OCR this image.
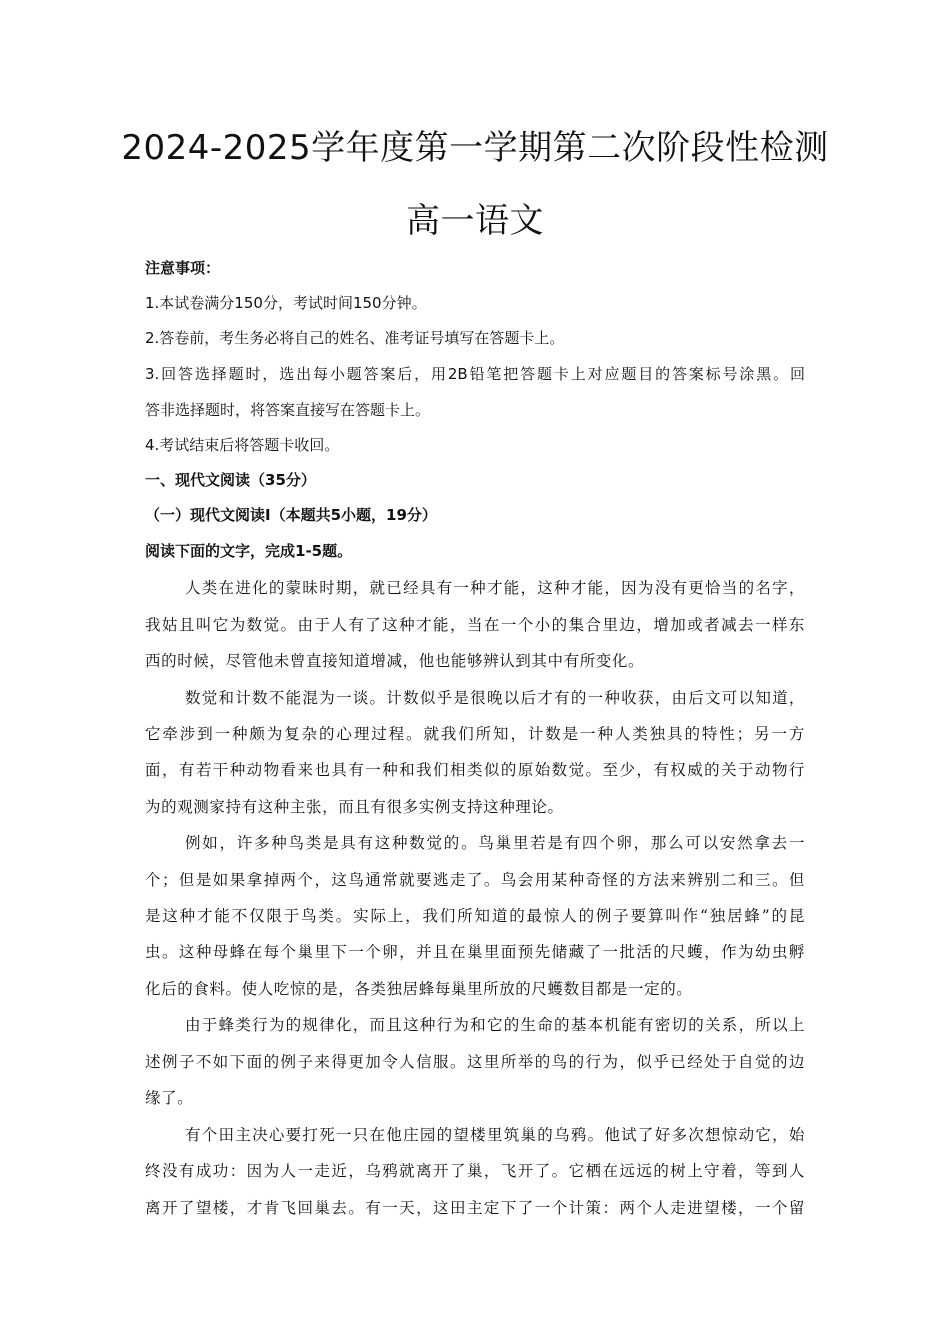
2024-2025学年度第一学期第二次阶段性检测
高一语文
注意事项：
1.本试卷满分150分，考试时间150分钟。
2.答卷前，考生务必将自己的姓名、准考证号填写在答题卡上。
3.回答选择题时，选出每小题答案后，用2B铅笔把答题卡上对应题目的答案标号涂黑。回
答非选择题时，将答案直接写在答题卡上。
4.考试结束后将答题卡收回。
一、现代文阅读（35分）
（一）现代文阅读Ⅰ（本题共5小题，19分）
阅读下面的文字，完成1-5题。
人类在进化的蒙昧时期，就已经具有一种才能，这种才能，因为没有更恰当的名字，
我姑且叫它为数觉。由于人有了这种才能，当在一个小的集合里边，增加或者减去一样东
西的时候，尽管他未曾直接知道增减，他也能够辨认到其中有所变化。
数觉和计数不能混为一谈。计数似乎是很晚以后才有的一种收获，由后文可以知道，
它牵涉到一种颇为复杂的心理过程。就我们所知，计数是一种人类独具的特性；另一方
面，有若干种动物看来也具有一种和我们相类似的原始数觉。至少，有权威的关于动物行
为的观测家持有这种主张，而且有很多实例支持这种理论。
例如，许多种鸟类是具有这种数觉的。鸟巢里若是有四个卵，那么可以安然拿去一
个；但是如果拿掉两个，这鸟通常就要逃走了。鸟会用某种奇怪的方法来辨别二和三。但
是这种才能不仅限于鸟类。实际上，我们所知道的最惊人的例子要算叫作“独居蜂”的昆
虫。这种母蜂在每个巢里下一个卵，并且在巢里面预先储藏了一批活的尺蠖，作为幼虫孵
化后的食料。使人吃惊的是，各类独居蜂每巢里所放的尺蠖数目都是一定的。
由于蜂类行为的规律化，而且这种行为和它的生命的基本机能有密切的关系，所以上
述例子不如下面的例子来得更加令人信服。这里所举的鸟的行为，似乎已经处于自觉的边
缘了。
有个田主决心要打死一只在他庄园的望楼里筑巢的乌鸦。他试了好多次想惊动它，始
终没有成功：因为人一走近，乌鸦就离开了巢，飞开了。它栖在远远的树上守着，等到人
离开了望楼，才肯飞回巢去。有一天，这田主定下了一个计策：两个人走进望楼，一个留
